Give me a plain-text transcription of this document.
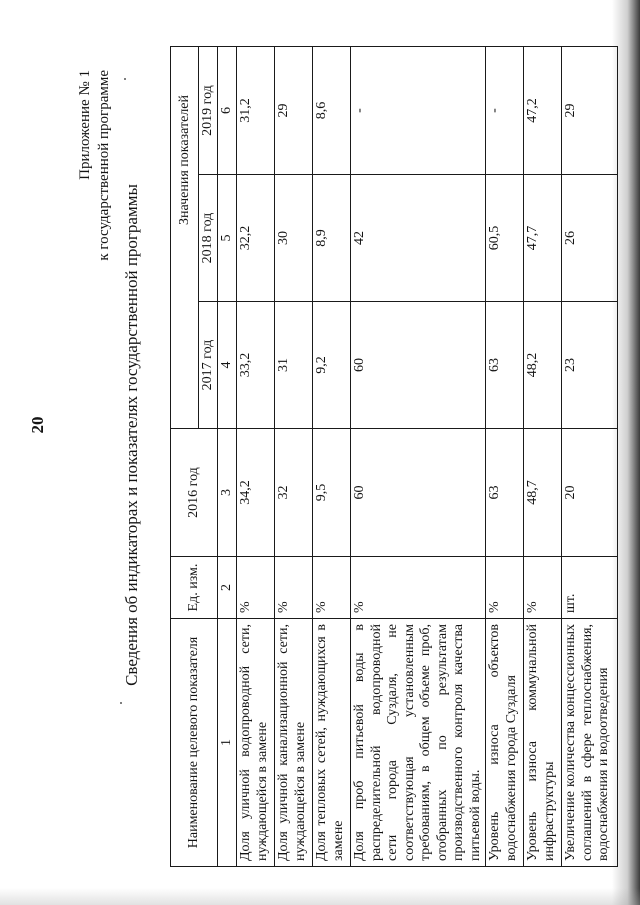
20
Приложение № 1 к государственной программе
Сведения об индикаторах и показателях государственной программы
Наименование целевого показателя	Ед. изм.	2016 год	Значения показателей		
			2017 год	2018 год	2019 год
1	2	3	4	5	6
Доля уличной водопроводной сети, нуждающейся в замене	%	34,2	33,2	32,2	31,2
Доля уличной канализационной сети, нуждающейся в замене	%	32	31	30	29
Доля тепловых сетей, нуждающихся в замене	%	9,5	9,2	8,9	8,6
Доля проб питьевой воды в распределительной водопроводной сети города Суздаля, не соответствующая установленным требованиям, в общем объеме проб, отобранных по результатам производственного контроля качества питьевой воды.	%	60	60	42	-
Уровень износа объектов водоснабжения города Суздаля	%	63	63	60,5	-
Уровень износа коммунальной инфраструктуры	%	48,7	48,2	47,7	47,2
Увеличение количества концессионных соглашений в сфере теплоснабжения, водоснабжения и водоотведения	шт.	20	23	26	29
